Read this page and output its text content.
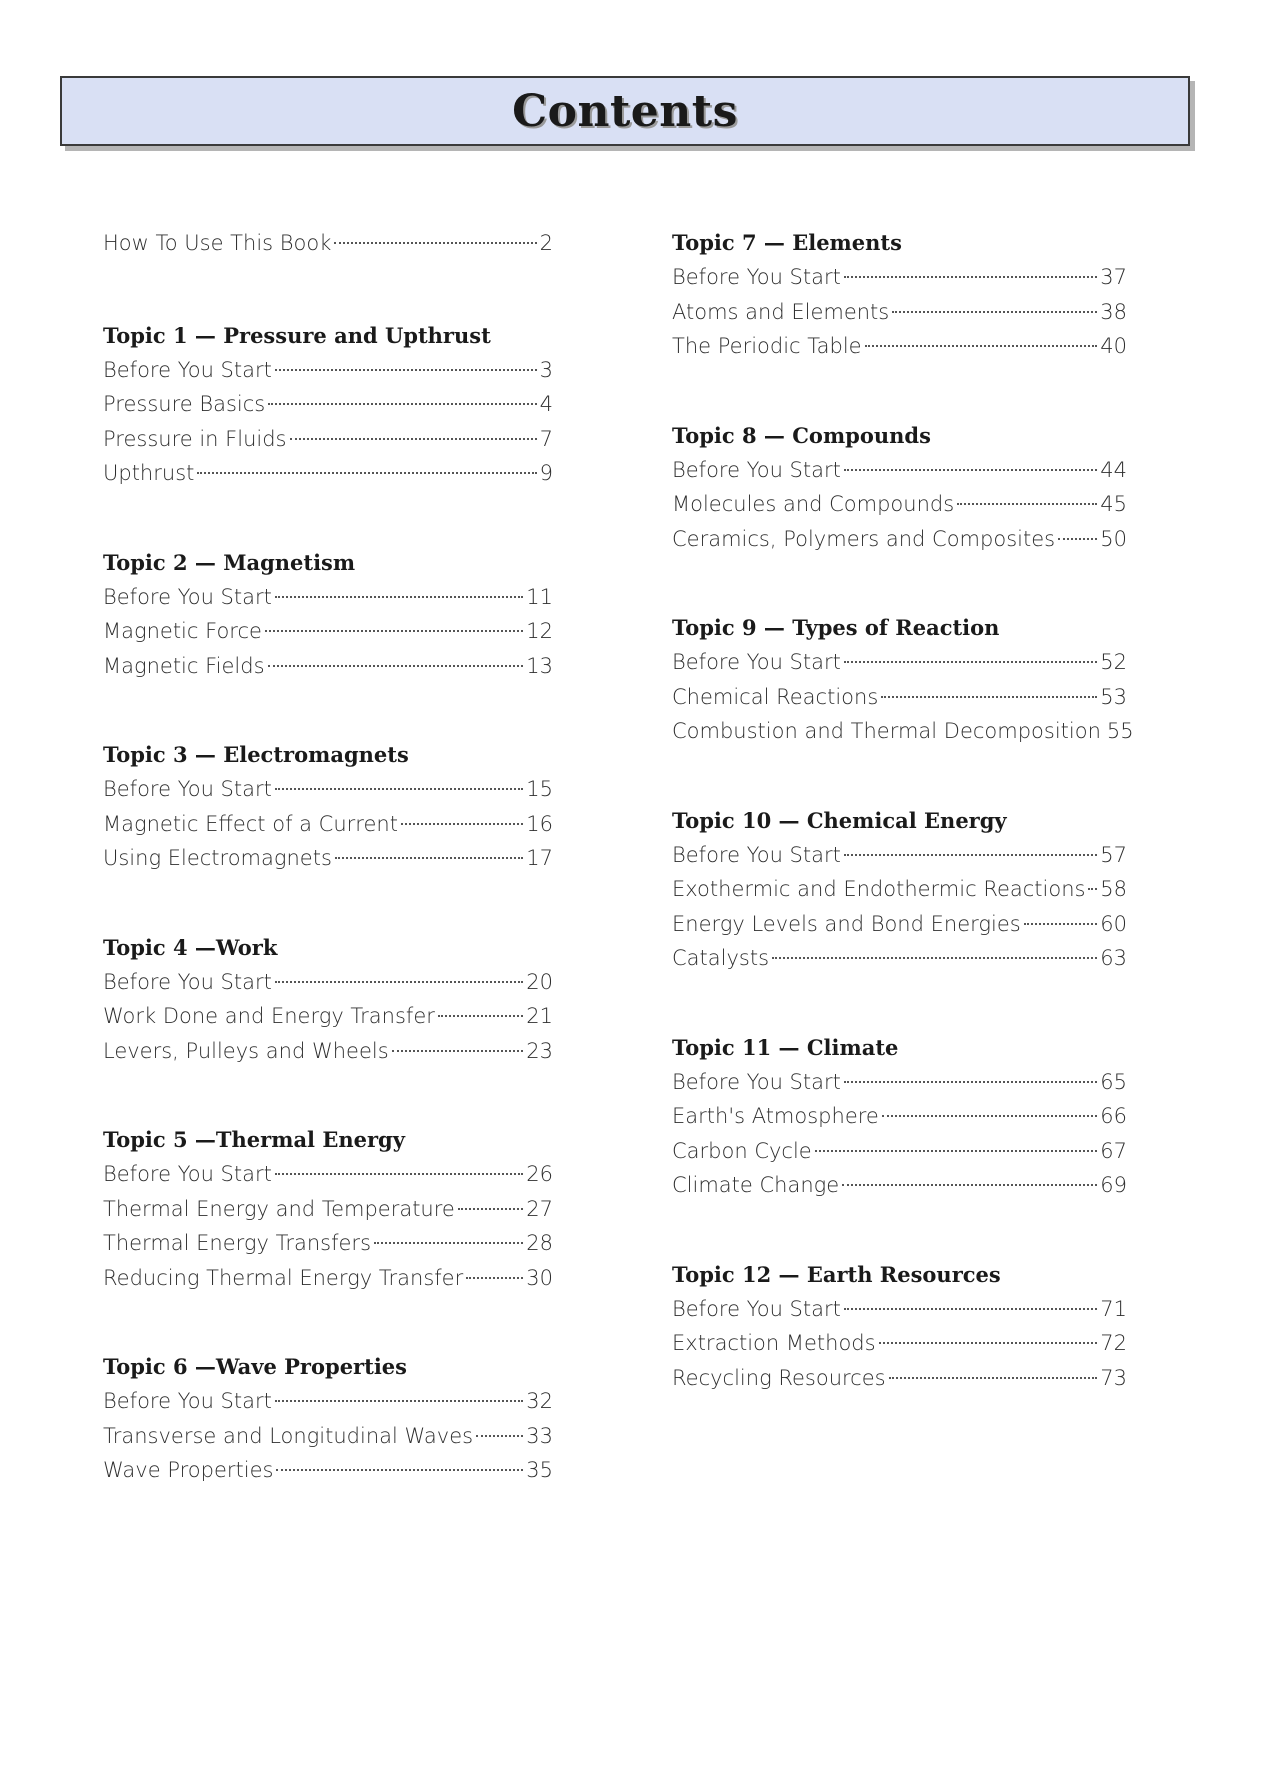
Contents
How To Use This Book	2
Topic 1 — Pressure and Upthrust
Before You Start	3
Pressure Basics	4
Pressure in Fluids	7
Upthrust	9
Topic 2 — Magnetism
Before You Start	11
Magnetic Force	12
Magnetic Fields	13
Topic 3 — Electromagnets
Before You Start	15
Magnetic Effect of a Current	16
Using Electromagnets	17
Topic 4 —Work
Before You Start	20
Work Done and Energy Transfer	21
Levers, Pulleys and Wheels	23
Topic 5 —Thermal Energy
Before You Start	26
Thermal Energy and Temperature	27
Thermal Energy Transfers	28
Reducing Thermal Energy Transfer	30
Topic 6 —Wave Properties
Before You Start	32
Transverse and Longitudinal Waves	33
Wave Properties	35
Topic 7 — Elements
Before You Start	37
Atoms and Elements	38
The Periodic Table	40
Topic 8 — Compounds
Before You Start	44
Molecules and Compounds	45
Ceramics, Polymers and Composites 50
Topic 9 — Types of Reaction
Before You Start	52
Chemical Reactions	53
Combustion and Thermal Decomposition 55
Topic 10 — Chemical Energy
Before You Start	57
Exothermic and Endothermic Reactions 58
Energy Levels and Bond Energies	60
Catalysts	63
Topic 11 — Climate
Before You Start	65
Earth's Atmosphere	66
Carbon Cycle	67
Climate Change	69
Topic 12 — Earth Resources
Before You Start	71
Extraction Methods	72
Recycling Resources	73
